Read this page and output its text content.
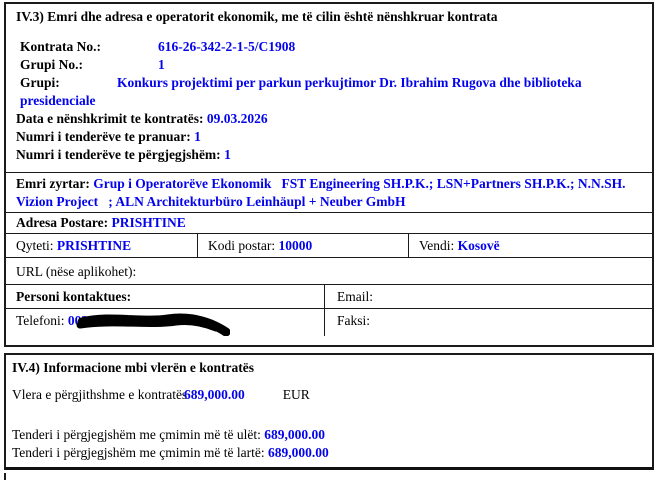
IV.3) Emri dhe adresa e operatorit ekonomik, me të cilin është nënshkruar kontrata
Kontrata No.:	616-26-342-2-1-5/C1908
Grupi No.:	1
Grupi:	Konkurs projektimi per parkun perkujtimor Dr. Ibrahim Rugova dhe biblioteka presidenciale
Data e nënshkrimit te kontratës: 09.03.2026
Numri i tenderëve te pranuar: 1
Numri i tenderëve te përgjegjshëm: 1
Emri zyrtar: Grup i Operatorëve Ekonomik   FST Engineering SH.P.K.; LSN+Partners SH.P.K.; N.N.SH.   Vizion Project   ; ALN Architekturbüro Leinhäupl + Neuber GmbH
Adresa Postare: PRISHTINE
Qyteti: PRISHTINE	Kodi postar: 10000	Vendi: Kosovë
URL (nëse aplikohet):
Personi kontaktues:	Email:
Telefoni: 0038344384406	Faksi:
IV.4) Informacione mbi vlerën e kontratës
Vlera e përgjithshme e kontratës689,000.00	EUR
Tenderi i përgjegjshëm me çmimin më të ulët: 689,000.00
Tenderi i përgjegjshëm me çmimin më të lartë: 689,000.00
